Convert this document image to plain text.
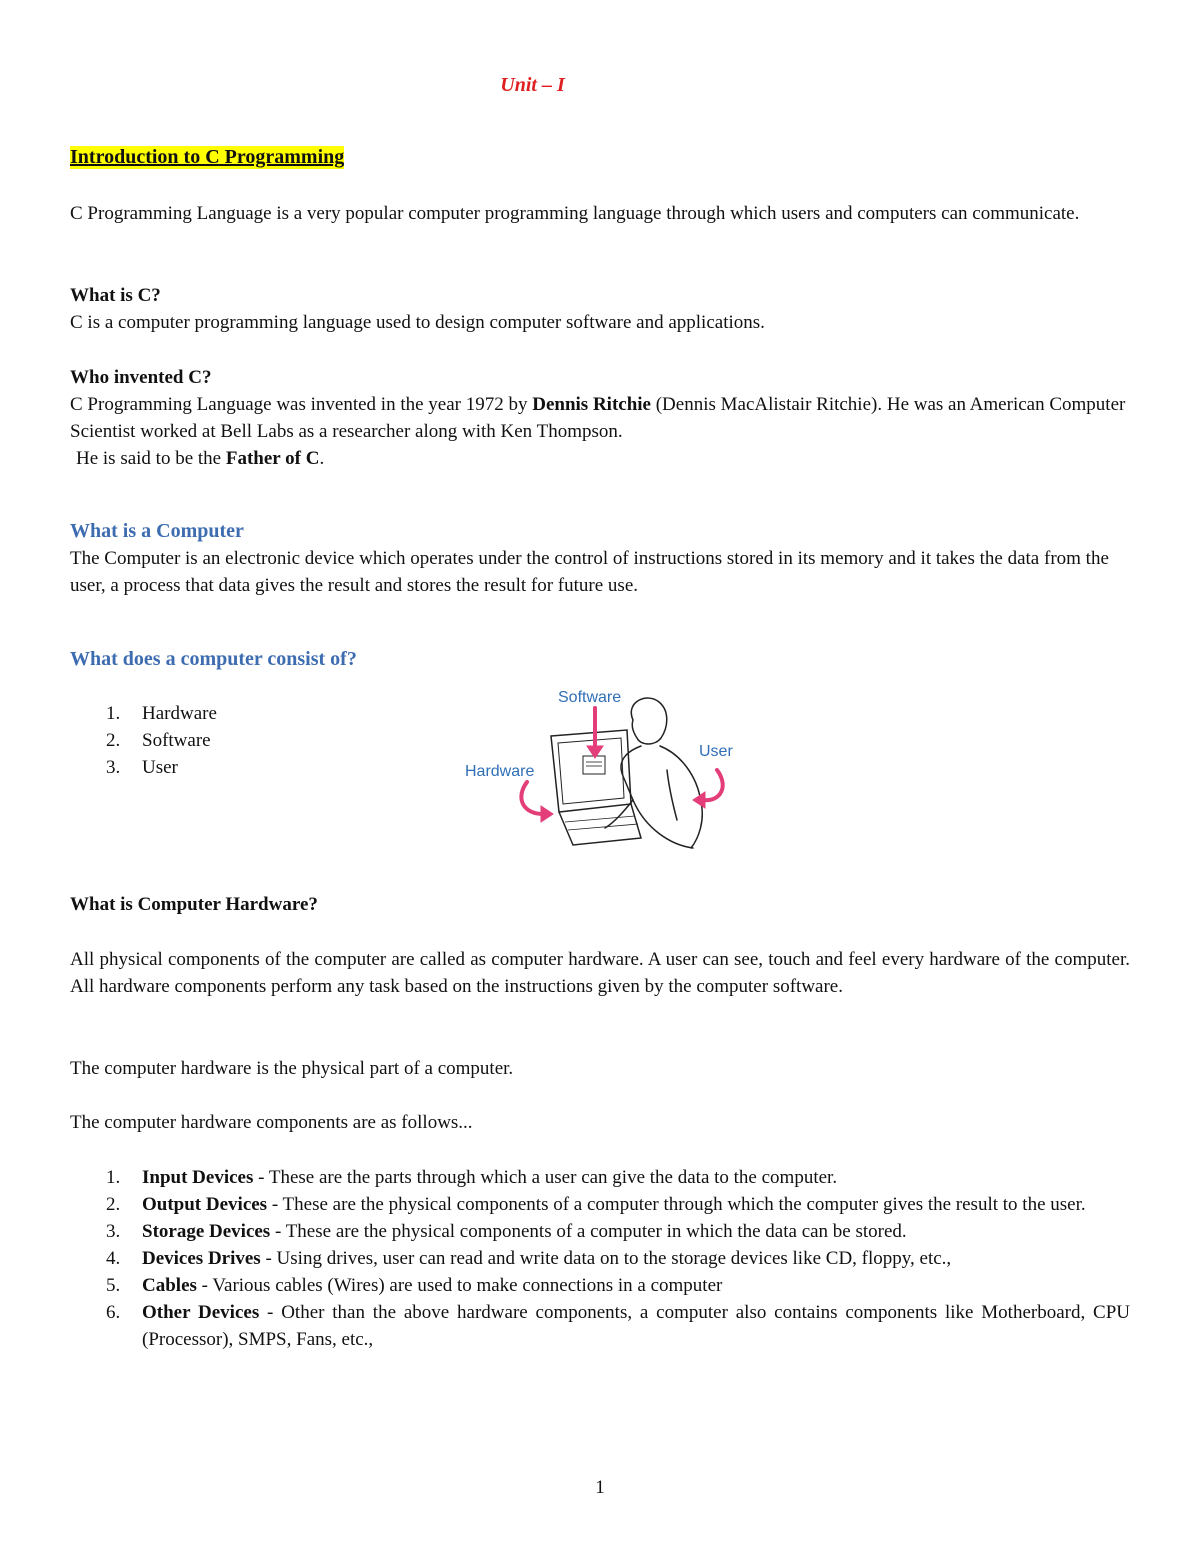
Unit – I
Introduction to C Programming
C Programming Language is a very popular computer programming language through which users and computers can communicate.
What is C?
C is a computer programming language used to design computer software and applications.
Who invented C?
C Programming Language was invented in the year 1972 by Dennis Ritchie (Dennis MacAlistair Ritchie). He was an American Computer Scientist worked at Bell Labs as a researcher along with Ken Thompson.
He is said to be the Father of C.
What is a Computer
The Computer is an electronic device which operates under the control of instructions stored in its memory and it takes the data from the user, a process that data gives the result and stores the result for future use.
What does a computer consist of?
1. Hardware
2. Software
3. User
Software
Hardware
User
What is Computer Hardware?
All physical components of the computer are called as computer hardware. A user can see, touch and feel every hardware of the computer. All hardware components perform any task based on the instructions given by the computer software.
The computer hardware is the physical part of a computer.
The computer hardware components are as follows...
1. Input Devices - These are the parts through which a user can give the data to the computer.
2. Output Devices - These are the physical components of a computer through which the computer gives the result to the user.
3. Storage Devices - These are the physical components of a computer in which the data can be stored.
4. Devices Drives - Using drives, user can read and write data on to the storage devices like CD, floppy, etc.,
5. Cables - Various cables (Wires) are used to make connections in a computer
6. Other Devices - Other than the above hardware components, a computer also contains components like Motherboard, CPU (Processor), SMPS, Fans, etc.,
1
